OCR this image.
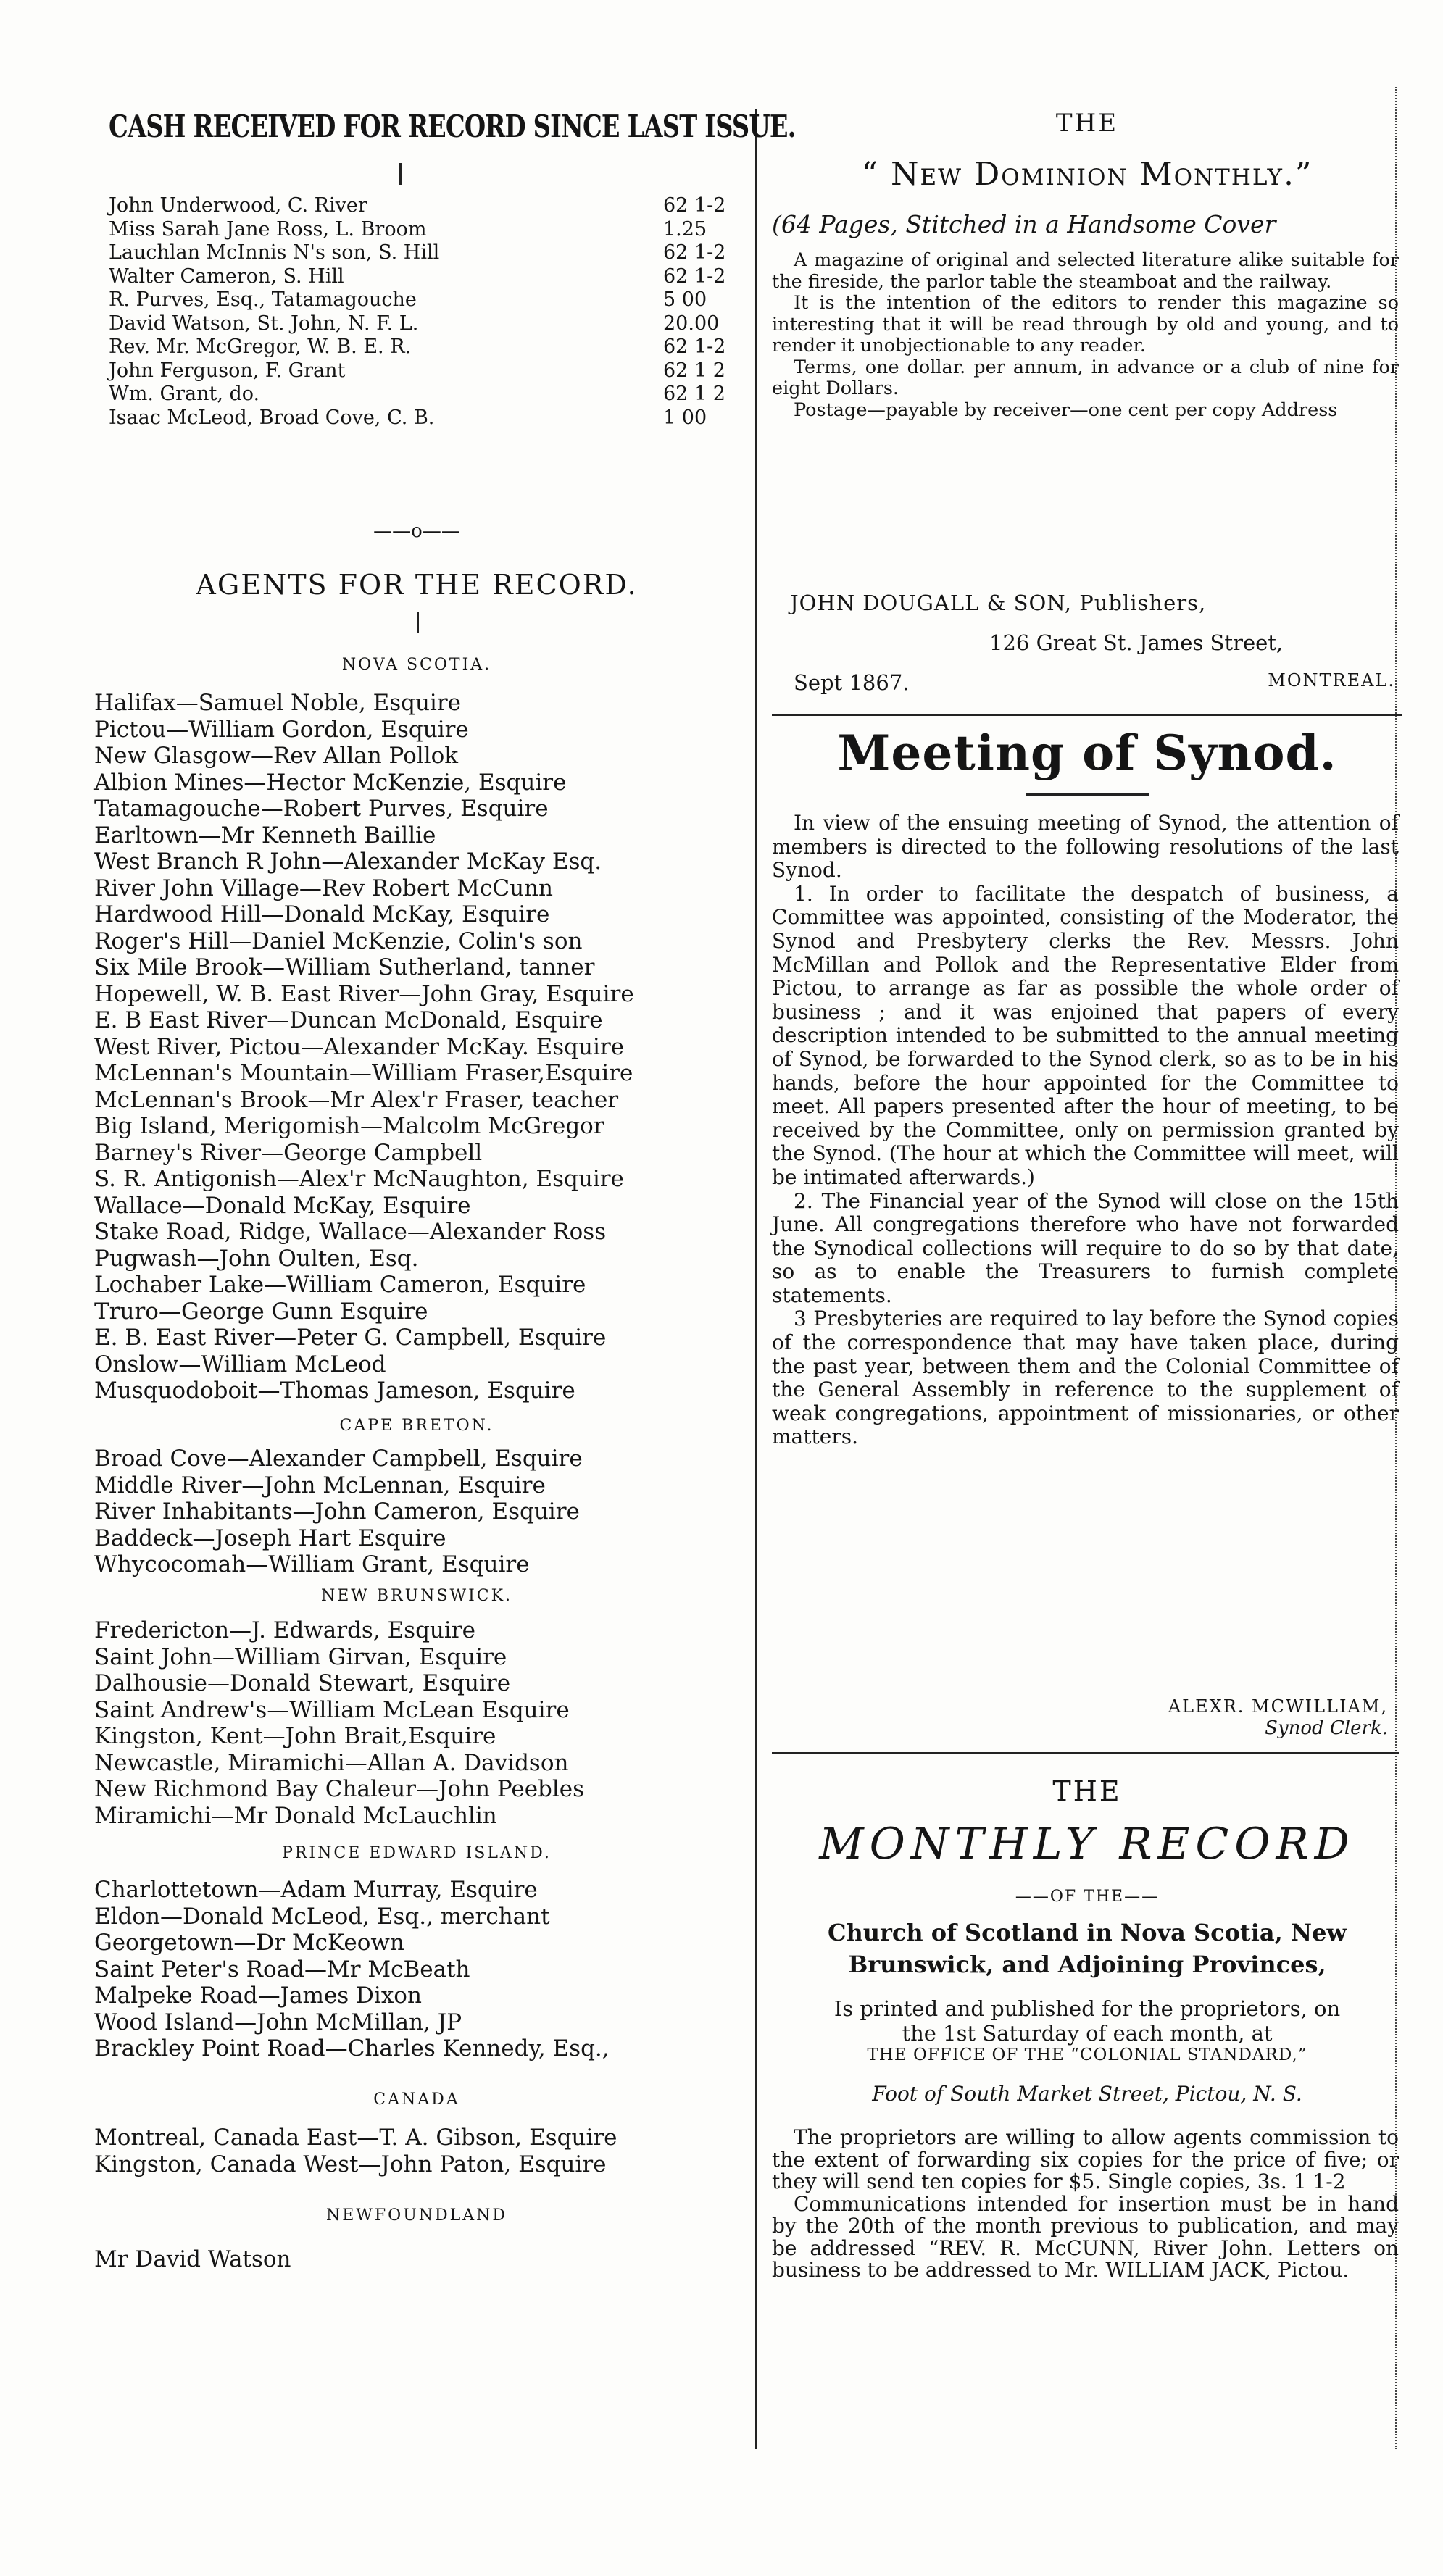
CASH RECEIVED FOR RECORD SINCE LAST ISSUE.
John Underwood, C. River	62 1-2
Miss Sarah Jane Ross, L. Broom	1.25
Lauchlan McInnis N's son, S. Hill	62 1-2
Walter Cameron, S. Hill	62 1-2
R. Purves, Esq., Tatamagouche	5 00
David Watson, St. John, N. F. L.	20.00
Rev. Mr. McGregor, W. B. E. R.	62 1-2
John Ferguson, F. Grant	62 1 2
Wm. Grant, do.	62 1 2
Isaac McLeod, Broad Cove, C. B.	1 00
——o——
AGENTS FOR THE RECORD.
NOVA SCOTIA.
Halifax—Samuel Noble, Esquire
Pictou—William Gordon, Esquire
New Glasgow—Rev Allan Pollok
Albion Mines—Hector McKenzie, Esquire
Tatamagouche—Robert Purves, Esquire
Earltown—Mr Kenneth Baillie
West Branch R John—Alexander McKay Esq.
River John Village—Rev Robert McCunn
Hardwood Hill—Donald McKay, Esquire
Roger's Hill—Daniel McKenzie, Colin's son
Six Mile Brook—William Sutherland, tanner
Hopewell, W. B. East River—John Gray, Esquire
E. B East River—Duncan McDonald, Esquire
West River, Pictou—Alexander McKay. Esquire
McLennan's Mountain—William Fraser,Esquire
McLennan's Brook—Mr Alex'r Fraser, teacher
Big Island, Merigomish—Malcolm McGregor
Barney's River—George Campbell
S. R. Antigonish—Alex'r McNaughton, Esquire
Wallace—Donald McKay, Esquire
Stake Road, Ridge, Wallace—Alexander Ross
Pugwash—John Oulten, Esq.
Lochaber Lake—William Cameron, Esquire
Truro—George Gunn Esquire
E. B. East River—Peter G. Campbell, Esquire
Onslow—William McLeod
Musquodoboit—Thomas Jameson, Esquire
CAPE BRETON.
Broad Cove—Alexander Campbell, Esquire
Middle River—John McLennan, Esquire
River Inhabitants—John Cameron, Esquire
Baddeck—Joseph Hart Esquire
Whycocomah—William Grant, Esquire
NEW BRUNSWICK.
Fredericton—J. Edwards, Esquire
Saint John—William Girvan, Esquire
Dalhousie—Donald Stewart, Esquire
Saint Andrew's—William McLean Esquire
Kingston, Kent—John Brait,Esquire
Newcastle, Miramichi—Allan A. Davidson
New Richmond Bay Chaleur—John Peebles
Miramichi—Mr Donald McLauchlin
PRINCE EDWARD ISLAND.
Charlottetown—Adam Murray, Esquire
Eldon—Donald McLeod, Esq., merchant
Georgetown—Dr McKeown
Saint Peter's Road—Mr McBeath
Malpeke Road—James Dixon
Wood Island—John McMillan, JP
Brackley Point Road—Charles Kennedy, Esq.,
CANADA
Montreal, Canada East—T. A. Gibson, Esquire
Kingston, Canada West—John Paton, Esquire
NEWFOUNDLAND
Mr David Watson
THE
“ New Dominion Monthly.”
(64 Pages, Stitched in a Handsome Cover

A magazine of original and selected literature alike suitable for the fireside, the parlor table the steamboat and the railway.

It is the intention of the editors to render this magazine so interesting that it will be read through by old and young, and to render it unobjectionable to any reader.

Terms, one dollar. per annum, in advance or a club of nine for eight Dollars.

Postage—payable by receiver—one cent per copy Address

JOHN DOUGALL & SON, Publishers,
126 Great St. James Street,
Sept 1867.	MONTREAL.
Meeting of Synod.

In view of the ensuing meeting of Synod, the attention of members is directed to the following resolutions of the last Synod.

1. In order to facilitate the despatch of business, a Committee was appointed, consisting of the Moderator, the Synod and Presbytery clerks the Rev. Messrs. John McMillan and Pollok and the Representative Elder from Pictou, to arrange as far as possible the whole order of business ; and it was enjoined that papers of every description intended to be submitted to the annual meeting of Synod, be forwarded to the Synod clerk, so as to be in his hands, before the hour appointed for the Committee to meet. All papers presented after the hour of meeting, to be received by the Committee, only on permission granted by the Synod. (The hour at which the Committee will meet, will be intimated afterwards.)

2. The Financial year of the Synod will close on the 15th June. All congregations therefore who have not forwarded the Synodical collections will require to do so by that date, so as to enable the Treasurers to furnish complete statements.

3 Presbyteries are required to lay before the Synod copies of the correspondence that may have taken place, during the past year, between them and the Colonial Committee of the General Assembly in reference to the supplement of weak congregations, appointment of missionaries, or other matters.

ALEXR. MCWILLIAM,
Synod Clerk.
THE
MONTHLY RECORD
——OF THE——
Church of Scotland in Nova Scotia, New
Brunswick, and Adjoining Provinces,
Is printed and published for the proprietors, on
the 1st Saturday of each month, at
THE OFFICE OF THE “COLONIAL STANDARD,”
Foot of South Market Street, Pictou, N. S.

The proprietors are willing to allow agents commission to the extent of forwarding six copies for the price of five; or they will send ten copies for $5. Single copies, 3s. 1 1-2

Communications intended for insertion must be in hand by the 20th of the month previous to publication, and may be addressed “REV. R. McCUNN, River John. Letters on business to be addressed to Mr. WILLIAM JACK, Pictou.
